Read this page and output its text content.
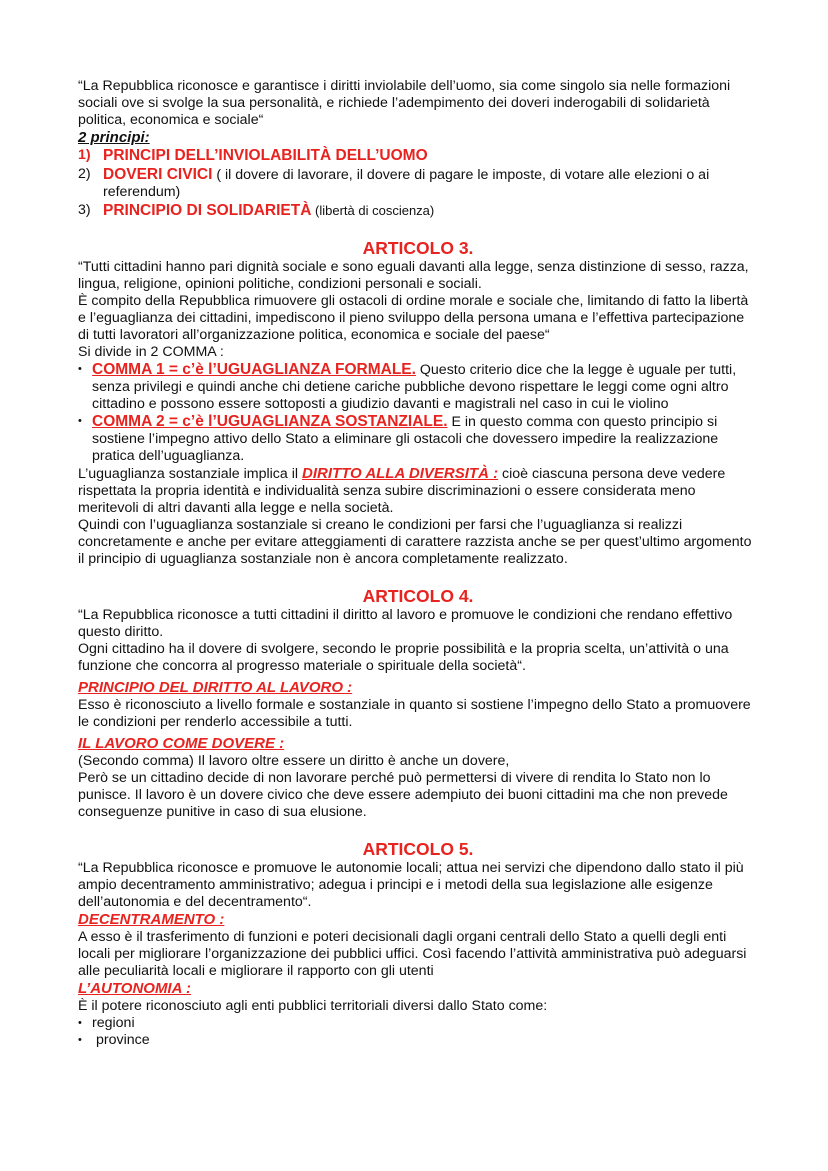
“La Repubblica riconosce e garantisce i diritti inviolabile dell’uomo, sia come singolo sia nelle formazioni sociali ove si svolge la sua personalità, e richiede l’adempimento dei doveri inderogabili di solidarietà politica, economica e sociale“

2 principi:

1) PRINCIPI DELL’INVIOLABILITÀ DELL’UOMO
2) DOVERI CIVICI ( il dovere di lavorare, il dovere di pagare le imposte, di votare alle elezioni o ai referendum)
3) PRINCIPIO DI SOLIDARIETÀ (libertà di coscienza)

ARTICOLO 3.

“Tutti cittadini hanno pari dignità sociale e sono eguali davanti alla legge, senza distinzione di sesso, razza, lingua, religione, opinioni politiche, condizioni personali e sociali.

È compito della Repubblica rimuovere gli ostacoli di ordine morale e sociale che, limitando di fatto la libertà e l’eguaglianza dei cittadini, impediscono il pieno sviluppo della persona umana e l’effettiva partecipazione di tutti lavoratori all’organizzazione politica, economica e sociale del paese“

Si divide in 2 COMMA :

• COMMA 1 = c’è l’UGUAGLIANZA FORMALE. Questo criterio dice che la legge è uguale per tutti, senza privilegi e quindi anche chi detiene cariche pubbliche devono rispettare le leggi come ogni altro cittadino e possono essere sottoposti a giudizio davanti e magistrali nel caso in cui le violino

• COMMA 2 = c’è l’UGUAGLIANZA SOSTANZIALE. E in questo comma con questo principio si sostiene l’impegno attivo dello Stato a eliminare gli ostacoli che dovessero impedire la realizzazione pratica dell’uguaglianza.

L’uguaglianza sostanziale implica il DIRITTO ALLA DIVERSITÀ : cioè ciascuna persona deve vedere rispettata la propria identità e individualità senza subire discriminazioni o essere considerata meno meritevoli di altri davanti alla legge e nella società.

Quindi con l’uguaglianza sostanziale si creano le condizioni per farsi che l’uguaglianza si realizzi concretamente e anche per evitare atteggiamenti di carattere razzista anche se per quest’ultimo argomento il principio di uguaglianza sostanziale non è ancora completamente realizzato.

ARTICOLO 4.

“La Repubblica riconosce a tutti cittadini il diritto al lavoro e promuove le condizioni che rendano effettivo questo diritto.

Ogni cittadino ha il dovere di svolgere, secondo le proprie possibilità e la propria scelta, un’attività o una funzione che concorra al progresso materiale o spirituale della società“.

PRINCIPIO DEL DIRITTO AL LAVORO :

Esso è riconosciuto a livello formale e sostanziale in quanto si sostiene l’impegno dello Stato a promuovere le condizioni per renderlo accessibile a tutti.

IL LAVORO COME DOVERE :

(Secondo comma) Il lavoro oltre essere un diritto è anche un dovere,

Però se un cittadino decide di non lavorare perché può permettersi di vivere di rendita lo Stato non lo punisce. Il lavoro è un dovere civico che deve essere adempiuto dei buoni cittadini ma che non prevede conseguenze punitive in caso di sua elusione.

ARTICOLO 5.

“La Repubblica riconosce e promuove le autonomie locali; attua nei servizi che dipendono dallo stato il più ampio decentramento amministrativo; adegua i principi e i metodi della sua legislazione alle esigenze dell’autonomia e del decentramento“.

DECENTRAMENTO :

A esso è il trasferimento di funzioni e poteri decisionali dagli organi centrali dello Stato a quelli degli enti locali per migliorare l’organizzazione dei pubblici uffici. Così facendo l’attività amministrativa può adeguarsi alle peculiarità locali e migliorare il rapporto con gli utenti

L’AUTONOMIA :

È il potere riconosciuto agli enti pubblici territoriali diversi dallo Stato come:

• regioni
• province
